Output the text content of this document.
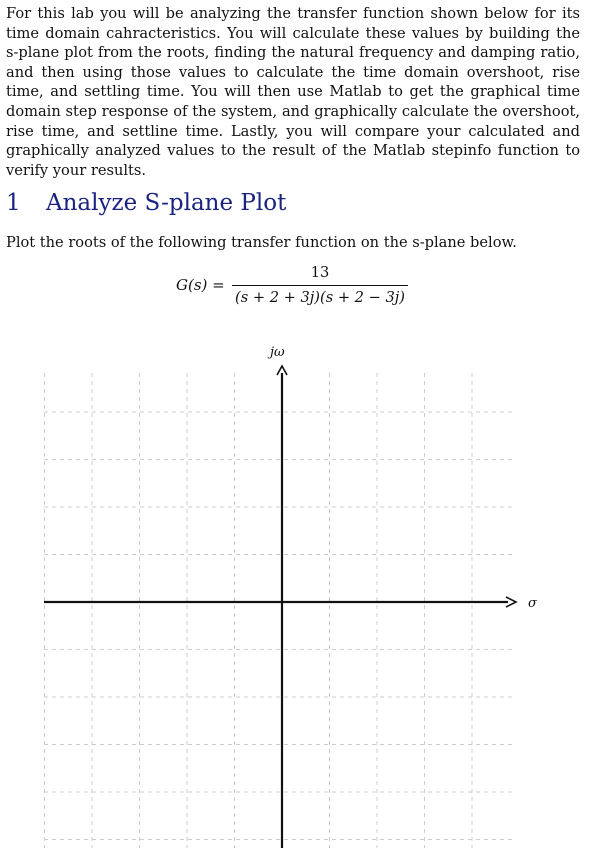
For this lab you will be analyzing the transfer function shown below for its time domain cahracteristics. You will calculate these values by building the s-plane plot from the roots, finding the natural frequency and damping ratio, and then using those values to calculate the time domain overshoot, rise time, and settling time. You will then use Matlab to get the graphical time domain step response of the system, and graphically calculate the overshoot, rise time, and settline time. Lastly, you will compare your calculated and graphically analyzed values to the result of the Matlab stepinfo function to verify your results.

1 Analyze S-plane Plot

Plot the roots of the following transfer function on the s-plane below.

G(s) =
13
(s + 2 + 3j)(s + 2 − 3j)
jω
σ
